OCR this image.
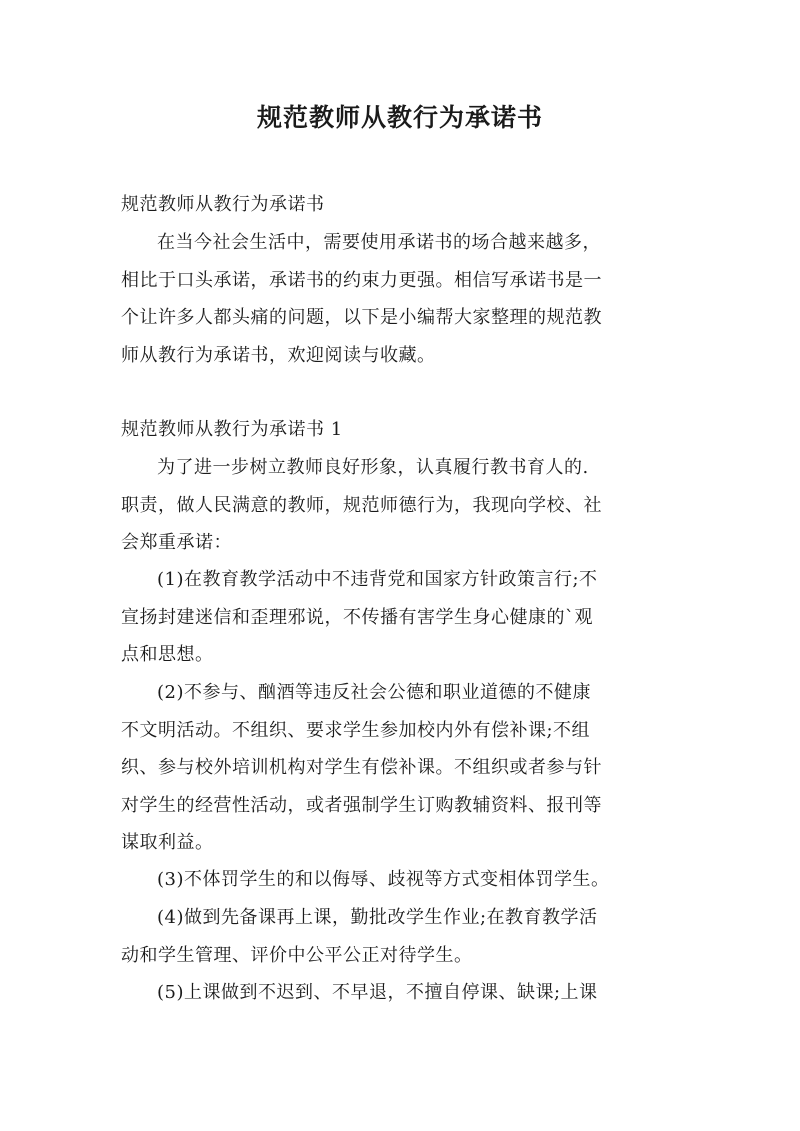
规范教师从教行为承诺书
规范教师从教行为承诺书
在当今社会生活中，需要使用承诺书的场合越来越多，
相比于口头承诺，承诺书的约束力更强。相信写承诺书是一
个让许多人都头痛的问题，以下是小编帮大家整理的规范教
师从教行为承诺书，欢迎阅读与收藏。
规范教师从教行为承诺书 1
为了进一步树立教师良好形象，认真履行教书育人的.
职责，做人民满意的教师，规范师德行为，我现向学校、社
会郑重承诺：
(1)在教育教学活动中不违背党和国家方针政策言行;不
宣扬封建迷信和歪理邪说，不传播有害学生身心健康的`观
点和思想。
(2)不参与、酗酒等违反社会公德和职业道德的不健康
不文明活动。不组织、要求学生参加校内外有偿补课;不组
织、参与校外培训机构对学生有偿补课。不组织或者参与针
对学生的经营性活动，或者强制学生订购教辅资料、报刊等
谋取利益。
(3)不体罚学生的和以侮辱、歧视等方式变相体罚学生。
(4)做到先备课再上课，勤批改学生作业;在教育教学活
动和学生管理、评价中公平公正对待学生。
(5)上课做到不迟到、不早退，不擅自停课、缺课;上课
